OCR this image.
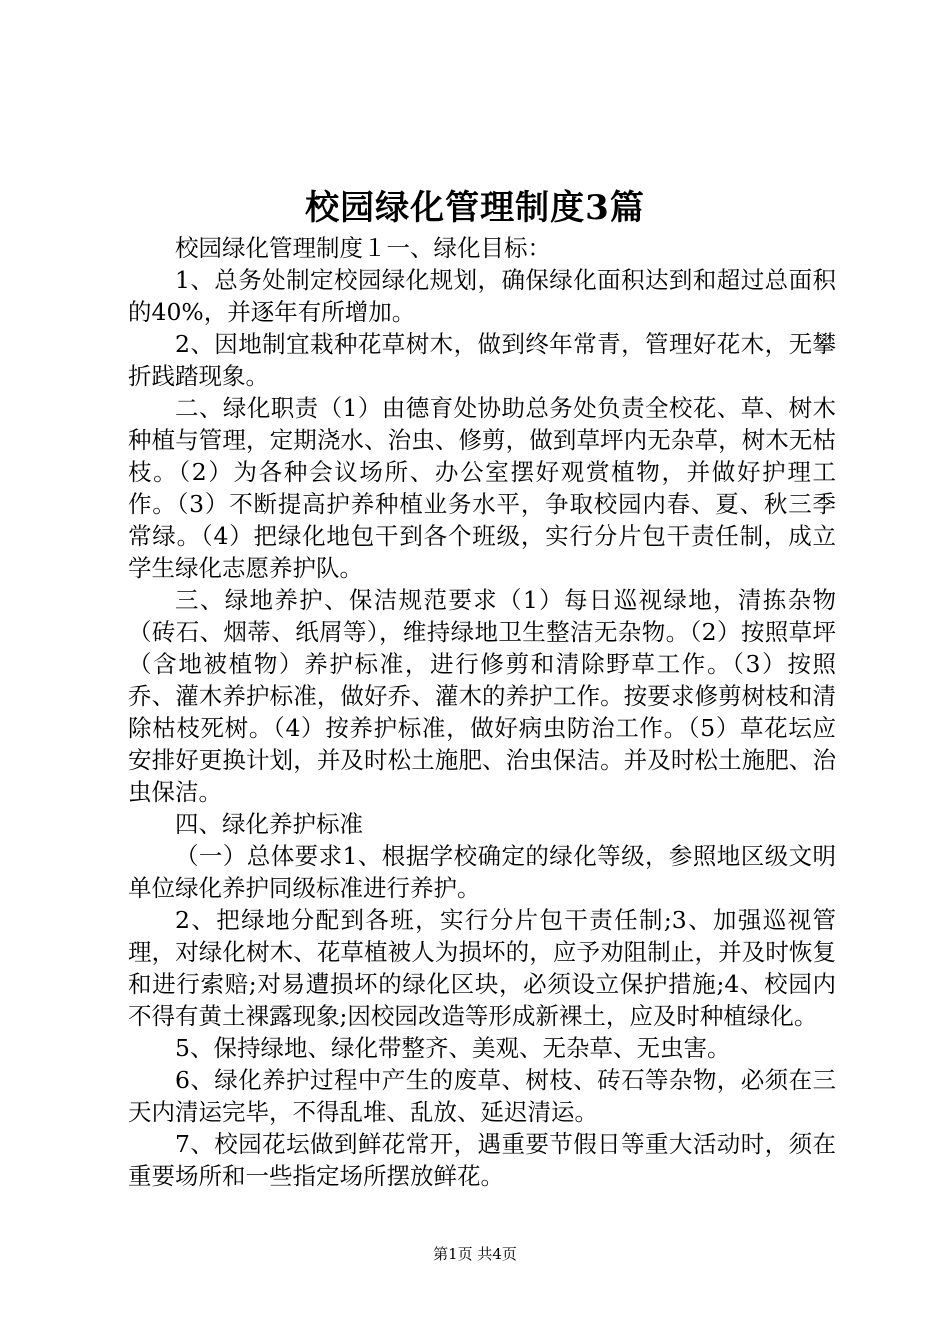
校园绿化管理制度3篇

校园绿化管理制度１一、绿化目标：

1、总务处制定校园绿化规划，确保绿化面积达到和超过总面积的40%，并逐年有所增加。

2、因地制宜栽种花草树木，做到终年常青，管理好花木，无攀折践踏现象。

二、绿化职责（1）由德育处协助总务处负责全校花、草、树木种植与管理，定期浇水、治虫、修剪，做到草坪内无杂草，树木无枯枝。（2）为各种会议场所、办公室摆好观赏植物，并做好护理工作。（3）不断提高护养种植业务水平，争取校园内春、夏、秋三季常绿。（4）把绿化地包干到各个班级，实行分片包干责任制，成立学生绿化志愿养护队。

三、绿地养护、保洁规范要求（1）每日巡视绿地，清拣杂物（砖石、烟蒂、纸屑等），维持绿地卫生整洁无杂物。（2）按照草坪（含地被植物）养护标准，进行修剪和清除野草工作。（3）按照乔、灌木养护标准，做好乔、灌木的养护工作。按要求修剪树枝和清除枯枝死树。（4）按养护标准，做好病虫防治工作。（5）草花坛应安排好更换计划，并及时松土施肥、治虫保洁。并及时松土施肥、治虫保洁。

四、绿化养护标准

（一）总体要求1、根据学校确定的绿化等级，参照地区级文明单位绿化养护同级标准进行养护。

2、把绿地分配到各班，实行分片包干责任制;3、加强巡视管理，对绿化树木、花草植被人为损坏的，应予劝阻制止，并及时恢复和进行索赔;对易遭损坏的绿化区块，必须设立保护措施;4、校园内不得有黄土裸露现象;因校园改造等形成新裸土，应及时种植绿化。

5、保持绿地、绿化带整齐、美观、无杂草、无虫害。

6、绿化养护过程中产生的废草、树枝、砖石等杂物，必须在三天内清运完毕，不得乱堆、乱放、延迟清运。

7、校园花坛做到鲜花常开，遇重要节假日等重大活动时，须在重要场所和一些指定场所摆放鲜花。

第1页 共4页
